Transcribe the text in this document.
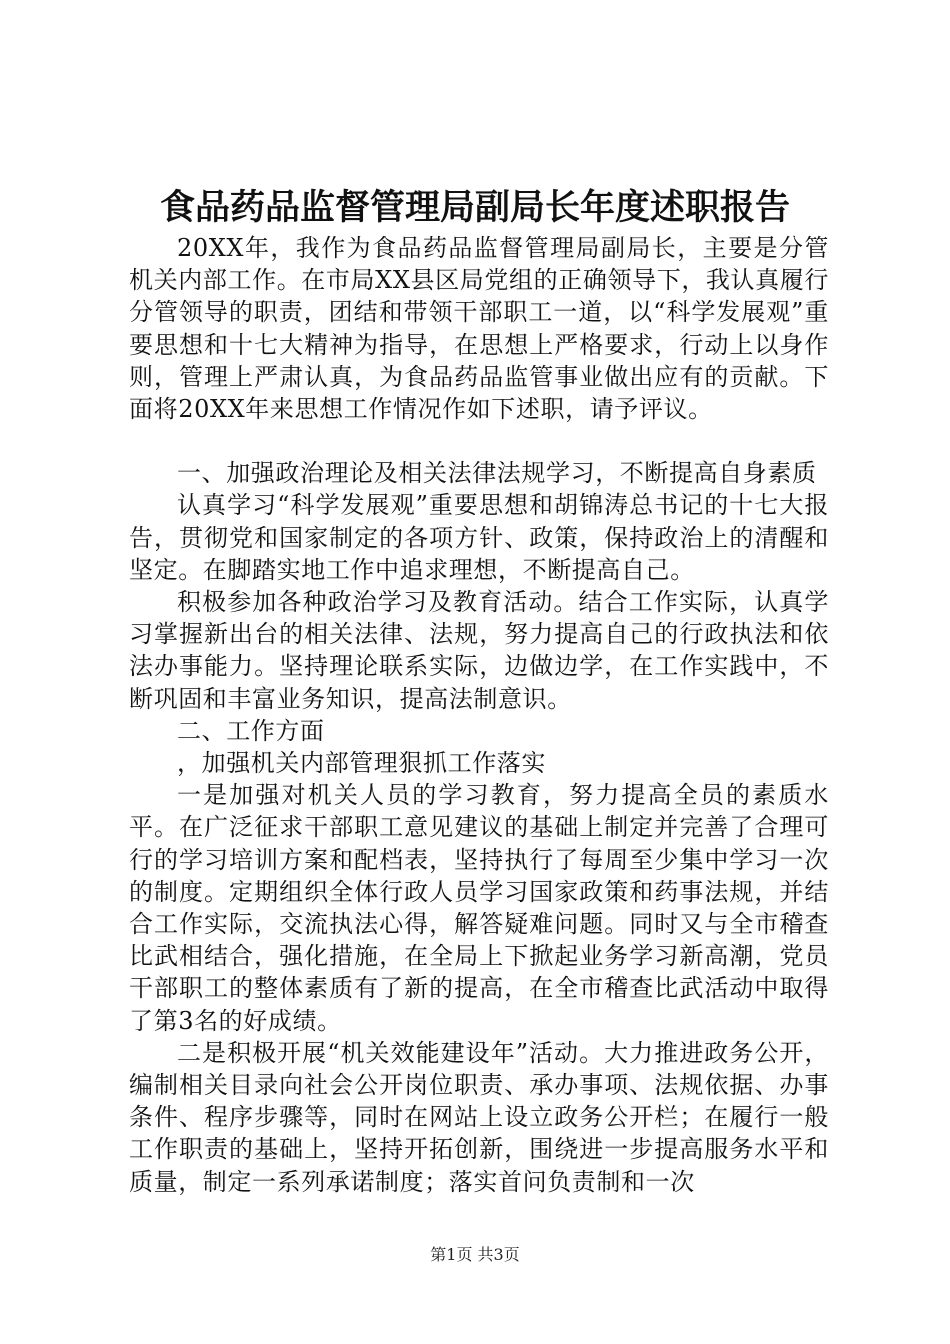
食品药品监督管理局副局长年度述职报告

20XX年，我作为食品药品监督管理局副局长，主要是分管机关内部工作。在市局XX县区局党组的正确领导下，我认真履行分管领导的职责，团结和带领干部职工一道，以“科学发展观”重要思想和十七大精神为指导，在思想上严格要求，行动上以身作则，管理上严肃认真，为食品药品监管事业做出应有的贡献。下面将20XX年来思想工作情况作如下述职，请予评议。

一、加强政治理论及相关法律法规学习，不断提高自身素质

认真学习“科学发展观”重要思想和胡锦涛总书记的十七大报告，贯彻党和国家制定的各项方针、政策，保持政治上的清醒和坚定。在脚踏实地工作中追求理想，不断提高自己。

积极参加各种政治学习及教育活动。结合工作实际，认真学习掌握新出台的相关法律、法规，努力提高自己的行政执法和依法办事能力。坚持理论联系实际，边做边学，在工作实践中，不断巩固和丰富业务知识，提高法制意识。

二、工作方面

，加强机关内部管理狠抓工作落实

一是加强对机关人员的学习教育，努力提高全员的素质水平。在广泛征求干部职工意见建议的基础上制定并完善了合理可行的学习培训方案和配档表，坚持执行了每周至少集中学习一次的制度。定期组织全体行政人员学习国家政策和药事法规，并结合工作实际，交流执法心得，解答疑难问题。同时又与全市稽查比武相结合，强化措施，在全局上下掀起业务学习新高潮，党员干部职工的整体素质有了新的提高，在全市稽查比武活动中取得了第3名的好成绩。

二是积极开展“机关效能建设年”活动。大力推进政务公开，编制相关目录向社会公开岗位职责、承办事项、法规依据、办事条件、程序步骤等，同时在网站上设立政务公开栏；在履行一般工作职责的基础上，坚持开拓创新，围绕进一步提高服务水平和质量，制定一系列承诺制度；落实首问负责制和一次

第1页 共3页
